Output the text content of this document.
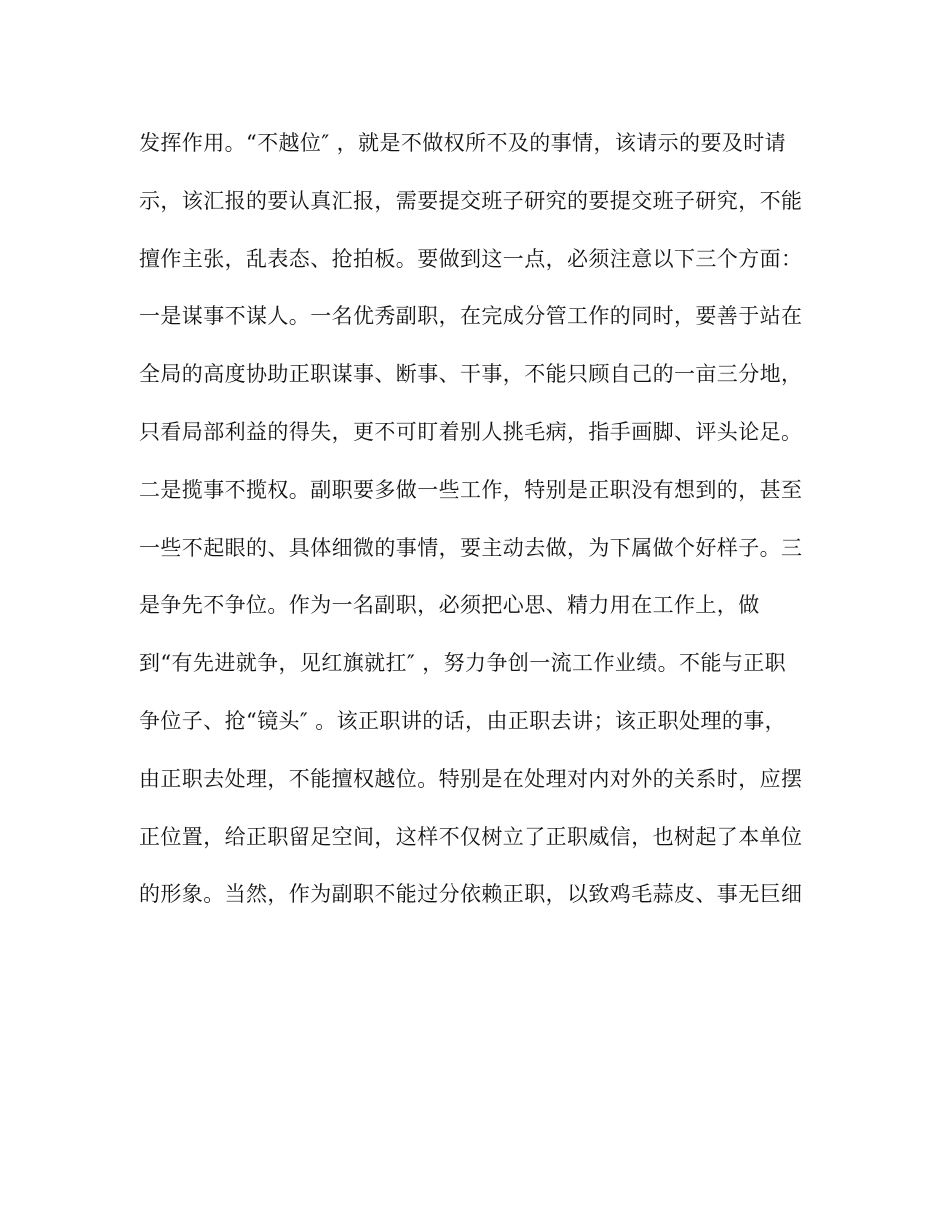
发挥作用。“不越位″ ，就是不做权所不及的事情，该请示的要及时请
示，该汇报的要认真汇报，需要提交班子研究的要提交班子研究，不能
擅作主张，乱表态、抢拍板。要做到这一点，必须注意以下三个方面：
一是谋事不谋人。一名优秀副职，在完成分管工作的同时，要善于站在
全局的高度协助正职谋事、断事、干事，不能只顾自己的一亩三分地，
只看局部利益的得失，更不可盯着别人挑毛病，指手画脚、评头论足。
二是揽事不揽权。副职要多做一些工作，特别是正职没有想到的，甚至
一些不起眼的、具体细微的事情，要主动去做，为下属做个好样子。三
是争先不争位。作为一名副职，必须把心思、精力用在工作上，做
到“有先进就争，见红旗就扛″ ，努力争创一流工作业绩。不能与正职
争位子、抢“镜头″ 。该正职讲的话，由正职去讲；该正职处理的事，
由正职去处理，不能擅权越位。特别是在处理对内对外的关系时，应摆
正位置，给正职留足空间，这样不仅树立了正职威信，也树起了本单位
的形象。当然，作为副职不能过分依赖正职，以致鸡毛蒜皮、事无巨细
